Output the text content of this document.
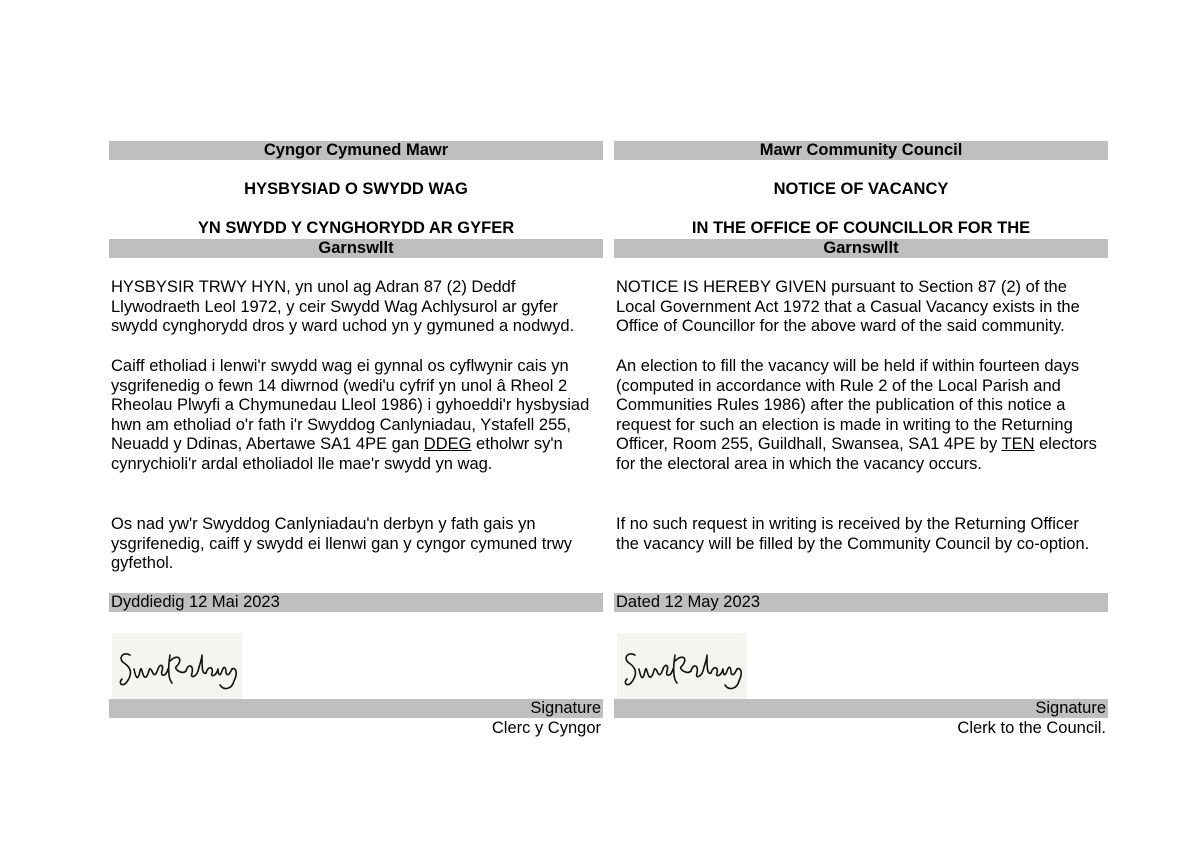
Cyngor Cymuned Mawr
HYSBYSIAD O SWYDD WAG
YN SWYDD Y CYNGHORYDD AR GYFER
Garnswllt
HYSBYSIR TRWY HYN, yn unol ag Adran 87 (2) Deddf Llywodraeth Leol 1972, y ceir Swydd Wag Achlysurol ar gyfer swydd cynghorydd dros y ward uchod yn y gymuned a nodwyd.
Caiff etholiad i lenwi'r swydd wag ei gynnal os cyflwynir cais yn ysgrifenedig o fewn 14 diwrnod (wedi'u cyfrif yn unol â Rheol 2 Rheolau Plwyfi a Chymunedau Lleol 1986) i gyhoeddi'r hysbysiad hwn am etholiad o'r fath i'r Swyddog Canlyniadau, Ystafell 255, Neuadd y Ddinas, Abertawe SA1 4PE gan DDEG etholwr sy'n cynrychioli'r ardal etholiadol lle mae'r swydd yn wag.
Os nad yw'r Swyddog Canlyniadau'n derbyn y fath gais yn ysgrifenedig, caiff y swydd ei llenwi gan y cyngor cymuned trwy gyfethol.
Dyddiedig 12 Mai 2023
Signature
Clerc y Cyngor
Mawr Community Council
NOTICE OF VACANCY
IN THE OFFICE OF COUNCILLOR FOR THE
Garnswllt
NOTICE IS HEREBY GIVEN pursuant to Section 87 (2) of the Local Government Act 1972 that a Casual Vacancy exists in the Office of Councillor for the above ward of the said community.
An election to fill the vacancy will be held if within fourteen days (computed in accordance with Rule 2 of the Local Parish and Communities Rules 1986) after the publication of this notice a request for such an election is made in writing to the Returning Officer, Room 255, Guildhall, Swansea, SA1 4PE by TEN electors for the electoral area in which the vacancy occurs.
If no such request in writing is received by the Returning Officer the vacancy will be filled by the Community Council by co-option.
Dated 12 May 2023
Signature
Clerk to the Council.
